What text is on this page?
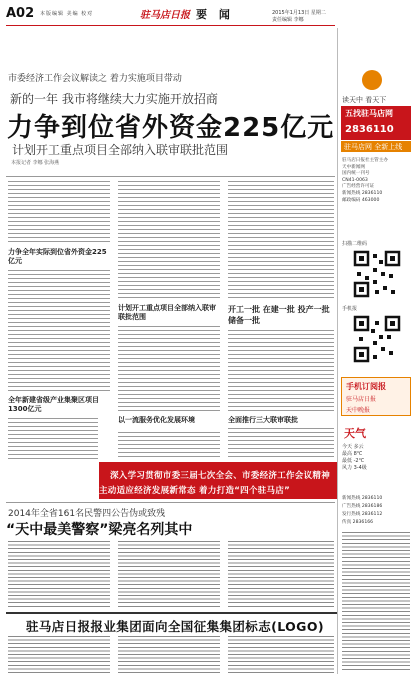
A02 本版编辑 美编 校对	驻马店日报 要 闻	2015年1月13日 星期二
责任编辑 李娜
市委经济工作会议解读之 着力实施项目带动
新的一年 我市将继续大力实施开放招商
力争到位省外资金225亿元
计划开工重点项目全部纳入联审联批范围
本报记者 李娜 张海燕
力争全年实际到位省外资金225亿元
全年新建省级产业集聚区项目1300亿元
计划开工重点项目全部纳入联审联批范围
以一流服务优化发展环境
开工一批 在建一批 投产一批 储备一批
全面推行三大联审联批
深入学习贯彻市委三届七次全会、市委经济工作会议精神
主动适应经济发展新常态 着力打造“四个驻马店”
2014年全省161名民警四公告伪或致残
“天中最美警察”梁亮名列其中
驻马店日报报业集团面向全国征集集团标志(LOGO)
读天中 看天下
五找驻马店网
2836110
驻马店网 全新上线
驻马店日报社主管主办
天中新闻网
国内统一刊号
CN41-0063
广告经营许可证
新闻热线 2836110
邮政编码 463000
扫描二维码
手机报
手机订阅报
驻马店日报
天中晚报
天气
今天 多云
最高 8℃
最低 -2℃
风力 3-4级
新闻热线 2836110
广告热线 2836186
发行热线 2836112
传真 2836166
